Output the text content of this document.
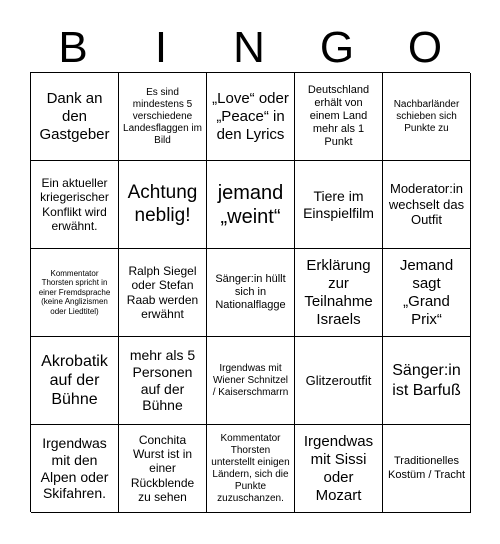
B	I	N	G	O
Dank an den Gastgeber
Es sind mindestens 5 verschiedene Landesflaggen im Bild
„Love“ oder „Peace“ in den Lyrics
Deutschland erhält von einem Land mehr als 1 Punkt
Nachbarländer schieben sich Punkte zu
Ein aktueller kriegerischer Konflikt wird erwähnt.
Achtung neblig!
jemand „weint“
Tiere im Einspielfilm
Moderator:in wechselt das Outfit
Kommentator Thorsten spricht in einer Fremdsprache (keine Anglizismen oder Liedtitel)
Ralph Siegel oder Stefan Raab werden erwähnt
Sänger:in hüllt sich in Nationalflagge
Erklärung zur Teilnahme Israels
Jemand sagt „Grand Prix“
Akrobatik auf der Bühne
mehr als 5 Personen auf der Bühne
Irgendwas mit Wiener Schnitzel / Kaiserschmarrn
Glitzeroutfit
Sänger:in ist Barfuß
Irgendwas mit den Alpen oder Skifahren.
Conchita Wurst ist in einer Rückblende zu sehen
Kommentator Thorsten unterstellt einigen Ländern, sich die Punkte zuzuschanzen.
Irgendwas mit Sissi oder Mozart
Traditionelles Kostüm / Tracht
